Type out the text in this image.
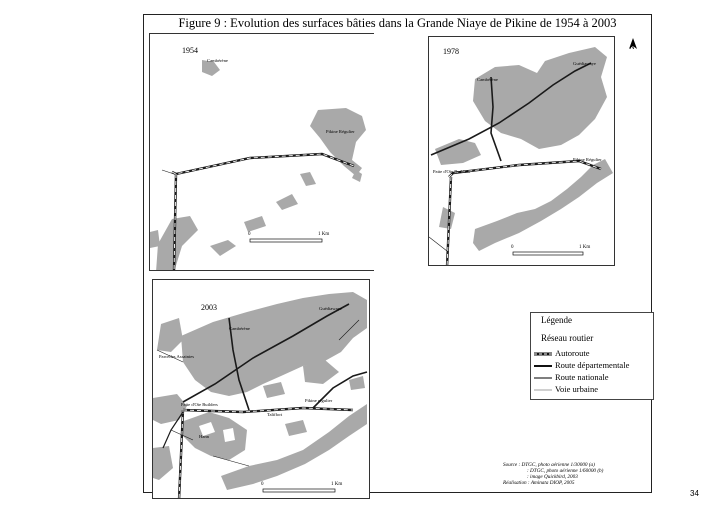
Figure 9 : Evolution des surfaces bâties dans la Grande Niaye de Pikine de 1954 à 2003
1954
Cambérène
Pikine Régulier
0	1 Km
1978
Cambérène
Guédiawaye
Pikine Régulier
Patte d'Oie Builders
0	1 Km
2003
Cambérène
Guédiawaye
Parcelles Assainies
Patte d'Oie Builders
Pikine régulier
Taliffort
Hann
0	1 Km
N
Légende
Réseau routier
Autoroute
Route départementale
Route nationale
Voie urbaine
Source : DTGC, photo aérienne 1/30000 (a)
: DTGC, photo aérienne 1/60000 (b)
: image Quickbird, 2003
Réalisation : Aminata DIOP, 2005
34
